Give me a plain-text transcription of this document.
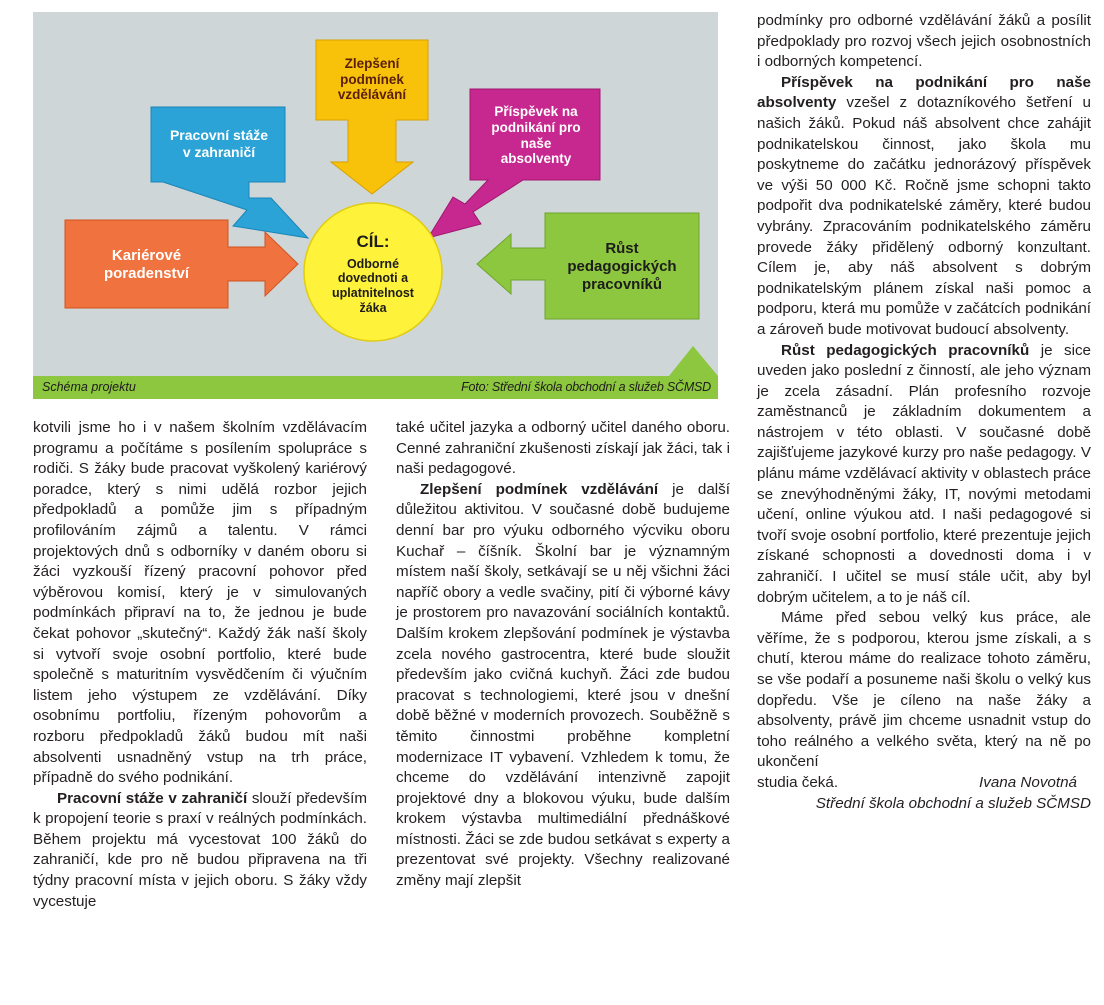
Zlepšení
podmínek
vzdělávání
Pracovní stáže
v zahraničí
Příspěvek na
podnikání pro
naše
absolventy
Kariérové
poradenství
Růst
pedagogických
pracovníků
CÍL:
Odborné
dovednoti a
uplatnitelnost
žáka
Schéma projektu	Foto: Střední škola obchodní a služeb SČMSD

kotvili jsme ho i v našem školním vzdělávacím programu a počítáme s posílením spolupráce s rodiči. S žáky bude pracovat vyškolený kariérový poradce, který s nimi udělá rozbor jejich předpokladů a pomůže jim s případným profilováním zájmů a talentu. V rámci projektových dnů s odborníky v daném oboru si žáci vyzkouší řízený pracovní pohovor před výběrovou komisí, který je v simulovaných podmínkách připraví na to, že jednou je bude čekat pohovor „skutečný“. Každý žák naší školy si vytvoří svoje osobní portfolio, které bude společně s maturitním vysvědčením či výučním listem jeho výstupem ze vzdělávání. Díky osobnímu portfoliu, řízeným pohovorům a rozboru předpokladů žáků budou mít naši absolventi usnadněný vstup na trh práce, případně do svého podnikání.

Pracovní stáže v zahraničí slouží především k propojení teorie s praxí v reálných podmínkách. Během projektu má vycestovat 100 žáků do zahraničí, kde pro ně budou připravena na tři týdny pracovní místa v jejich oboru. S žáky vždy vycestuje

také učitel jazyka a odborný učitel daného oboru. Cenné zahraniční zkušenosti získají jak žáci, tak i naši pedagogové.

Zlepšení podmínek vzdělávání je další důležitou aktivitou. V současné době budujeme denní bar pro výuku odborného výcviku oboru Kuchař – číšník. Školní bar je významným místem naší školy, setkávají se u něj všichni žáci napříč obory a vedle svačiny, pití či výborné kávy je prostorem pro navazování sociálních kontaktů. Dalším krokem zlepšování podmínek je výstavba zcela nového gastrocentra, které bude sloužit především jako cvičná kuchyň. Žáci zde budou pracovat s technologiemi, které jsou v dnešní době běžné v moderních provozech. Souběžně s těmito činnostmi proběhne kompletní modernizace IT vybavení. Vzhledem k tomu, že chceme do vzdělávání intenzivně zapojit projektové dny a blokovou výuku, bude dalším krokem výstavba multimediální přednáškové místnosti. Žáci se zde budou setkávat s experty a prezentovat své projekty. Všechny realizované změny mají zlepšit

podmínky pro odborné vzdělávání žáků a posílit předpoklady pro rozvoj všech jejich osobnostních i odborných kompetencí.

Příspěvek na podnikání pro naše absolventy vzešel z dotazníkového šetření u našich žáků. Pokud náš absolvent chce zahájit podnikatelskou činnost, jako škola mu poskytneme do začátku jednorázový příspěvek ve výši 50 000 Kč. Ročně jsme schopni takto podpořit dva podnikatelské záměry, které budou vybrány. Zpracováním podnikatelského záměru provede žáky přidělený odborný konzultant. Cílem je, aby náš absolvent s dobrým podnikatelským plánem získal naši pomoc a podporu, která mu pomůže v začátcích podnikání a zároveň bude motivovat budoucí absolventy.

Růst pedagogických pracovníků je sice uveden jako poslední z činností, ale jeho význam je zcela zásadní. Plán profesního rozvoje zaměstnanců je základním dokumentem a nástrojem v této oblasti. V současné době zajišťujeme jazykové kurzy pro naše pedagogy. V plánu máme vzdělávací aktivity v oblastech práce se znevýhodněnými žáky, IT, novými metodami učení, online výukou atd. I naši pedagogové si tvoří svoje osobní portfolio, které prezentuje jejich získané schopnosti a dovednosti doma i v zahraničí. I učitel se musí stále učit, aby byl dobrým učitelem, a to je náš cíl.

Máme před sebou velký kus práce, ale věříme, že s podporou, kterou jsme získali, a s chutí, kterou máme do realizace tohoto záměru, se vše podaří a posuneme naši školu o velký kus dopředu. Vše je cíleno na naše žáky a absolventy, právě jim chceme usnadnit vstup do toho reálného a velkého světa, který na ně po ukončení

studia čeká.	Ivana Novotná

Střední škola obchodní a služeb SČMSD
